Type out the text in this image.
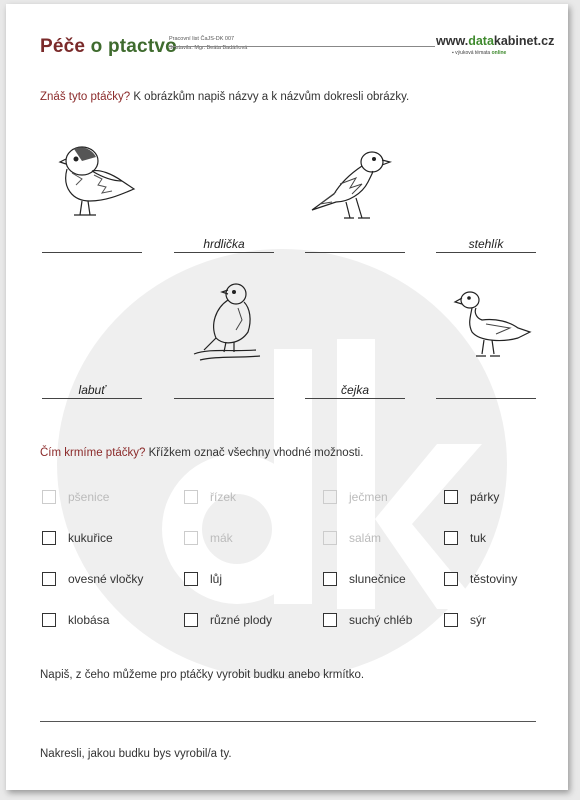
Péče o ptactvo
Pracovní list ČaJS-DK 007
Sestavila: Mgr. Beáta Badáňová	www.datakabinet.cz
▪ výuková témata online
Znáš tyto ptáčky? K obrázkům napiš názvy a k názvům dokresli obrázky.
hrdlička	stehlík
labuť	čejka
Čím krmíme ptáčky? Křížkem označ všechny vhodné možnosti.
pšenice	řízek	ječmen	párky
kukuřice	mák	salám	tuk
ovesné vločky	lůj	slunečnice	těstoviny
klobása	různé plody	suchý chléb	sýr
Napiš, z čeho můžeme pro ptáčky vyrobit budku anebo krmítko.
Nakresli, jakou budku bys vyrobil/a ty.
